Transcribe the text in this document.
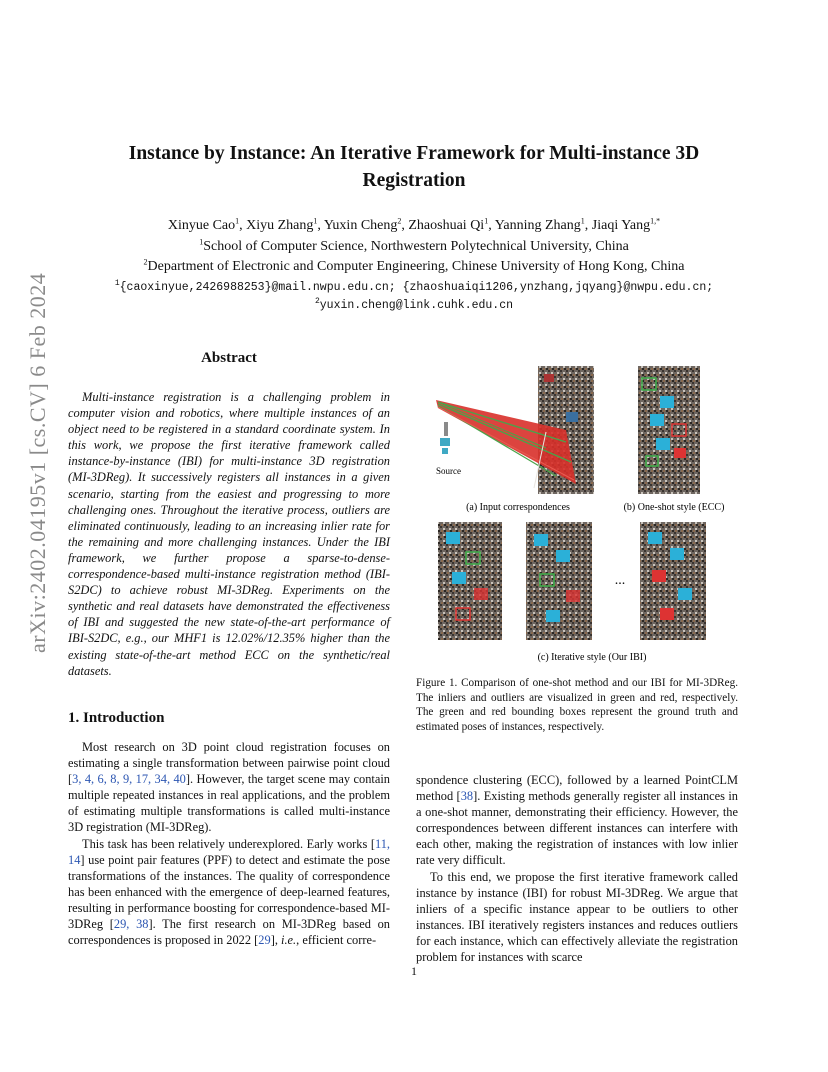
arXiv:2402.04195v1 [cs.CV] 6 Feb 2024
Instance by Instance: An Iterative Framework for Multi-instance 3D
Registration
Xinyue Cao$^1$, Xiyu Zhang$^1$, Yuxin Cheng$^2$, Zhaoshuai Qi$^1$, Yanning Zhang$^1$, Jiaqi Yang$^{1,*}$
$^1$School of Computer Science, Northwestern Polytechnical University, China
$^2$Department of Electronic and Computer Engineering, Chinese University of Hong Kong, China
$^1${caoxinyue,2426988253}@mail.nwpu.edu.cn; {zhaoshuaiqi1206,ynzhang,jqyang}@nwpu.edu.cn;
$^2$yuxin.cheng@link.cuhk.edu.cn
Abstract

Multi-instance registration is a challenging problem in computer vision and robotics, where multiple instances of an object need to be registered in a standard coordinate system. In this work, we propose the first iterative framework called instance-by-instance (IBI) for multi-instance 3D registration (MI-3DReg). It successively registers all instances in a given scenario, starting from the easiest and progressing to more challenging ones. Throughout the iterative process, outliers are eliminated continuously, leading to an increasing inlier rate for the remaining and more challenging instances. Under the IBI framework, we further propose a sparse-to-dense-correspondence-based multi-instance registration method (IBI-S2DC) to achieve robust MI-3DReg. Experiments on the synthetic and real datasets have demonstrated the effectiveness of IBI and suggested the new state-of-the-art performance of IBI-S2DC, e.g., our MHF1 is 12.02%/12.35% higher than the existing state-of-the-art method ECC on the synthetic/real datasets.

1. Introduction

Most research on 3D point cloud registration focuses on estimating a single transformation between pairwise point cloud [3, 4, 6, 8, 9, 17, 34, 40]. However, the target scene may contain multiple repeated instances in real applications, and the problem of estimating multiple transformations is called multi-instance 3D registration (MI-3DReg).

This task has been relatively underexplored. Early works [11, 14] use point pair features (PPF) to detect and estimate the pose transformations of the instances. The quality of correspondence has been enhanced with the emergence of deep-learned features, resulting in performance boosting for correspondence-based MI-3DReg [29, 38]. The first research on MI-3DReg based on correspondences is proposed in 2022 [29], i.e., efficient corre-

Source
(a) Input correspondences	(b) One-shot style (ECC)
...
(c) Iterative style (Our IBI)
Figure 1. Comparison of one-shot method and our IBI for MI-3DReg. The inliers and outliers are visualized in green and red, respectively. The green and red bounding boxes represent the ground truth and estimated poses of instances, respectively.

spondence clustering (ECC), followed by a learned PointCLM method [38]. Existing methods generally register all instances in a one-shot manner, demonstrating their efficiency. However, the correspondences between different instances can interfere with each other, making the registration of instances with low inlier rate very difficult.

To this end, we propose the first iterative framework called instance by instance (IBI) for robust MI-3DReg. We argue that inliers of a specific instance appear to be outliers to other instances. IBI iteratively registers instances and reduces outliers for each instance, which can effectively alleviate the registration problem for instances with scarce

1
